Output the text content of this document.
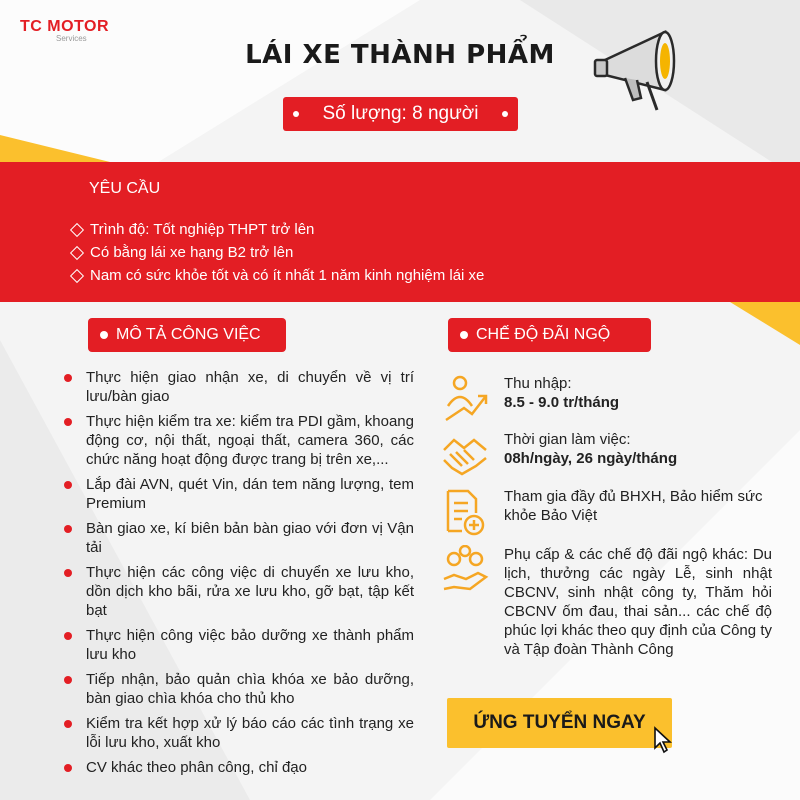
TC MOTOR
Services
LÁI XE THÀNH PHẨM
Số lượng: 8 người
YÊU CẦU
Trình độ: Tốt nghiệp THPT trở lên
Có bằng lái xe hạng B2 trở lên
Nam có sức khỏe tốt và có ít nhất 1 năm kinh nghiệm lái xe
MÔ TẢ CÔNG VIỆC	CHẾ ĐỘ ĐÃI NGỘ
Thực hiện giao nhận xe, di chuyển về vị trí lưu/bàn giao
Thực hiện kiểm tra xe: kiểm tra PDI gầm, khoang động cơ, nội thất, ngoại thất, camera 360, các chức năng hoạt động được trang bị trên xe,...
Lắp đài AVN, quét Vin, dán tem năng lượng, tem Premium
Bàn giao xe, kí biên bản bàn giao với đơn vị Vận tải
Thực hiện các công việc di chuyển xe lưu kho, dồn dịch kho bãi, rửa xe lưu kho, gỡ bạt, tập kết bạt
Thực hiện công việc bảo dưỡng xe thành phẩm lưu kho
Tiếp nhận, bảo quản chìa khóa xe bảo dưỡng, bàn giao chìa khóa cho thủ kho
Kiểm tra kết hợp xử lý báo cáo các tình trạng xe lỗi lưu kho, xuất kho
CV khác theo phân công, chỉ đạo
Thu nhập:
8.5 - 9.0 tr/tháng
Thời gian làm việc:
08h/ngày, 26 ngày/tháng
Tham gia đầy đủ BHXH, Bảo hiểm sức khỏe Bảo Việt
Phụ cấp & các chế độ đãi ngộ khác: Du lịch, thưởng các ngày Lễ, sinh nhật CBCNV, sinh nhật công ty, Thăm hỏi CBCNV ốm đau, thai sản... các chế độ phúc lợi khác theo quy định của Công ty và Tập đoàn Thành Công
ỨNG TUYỂN NGAY
